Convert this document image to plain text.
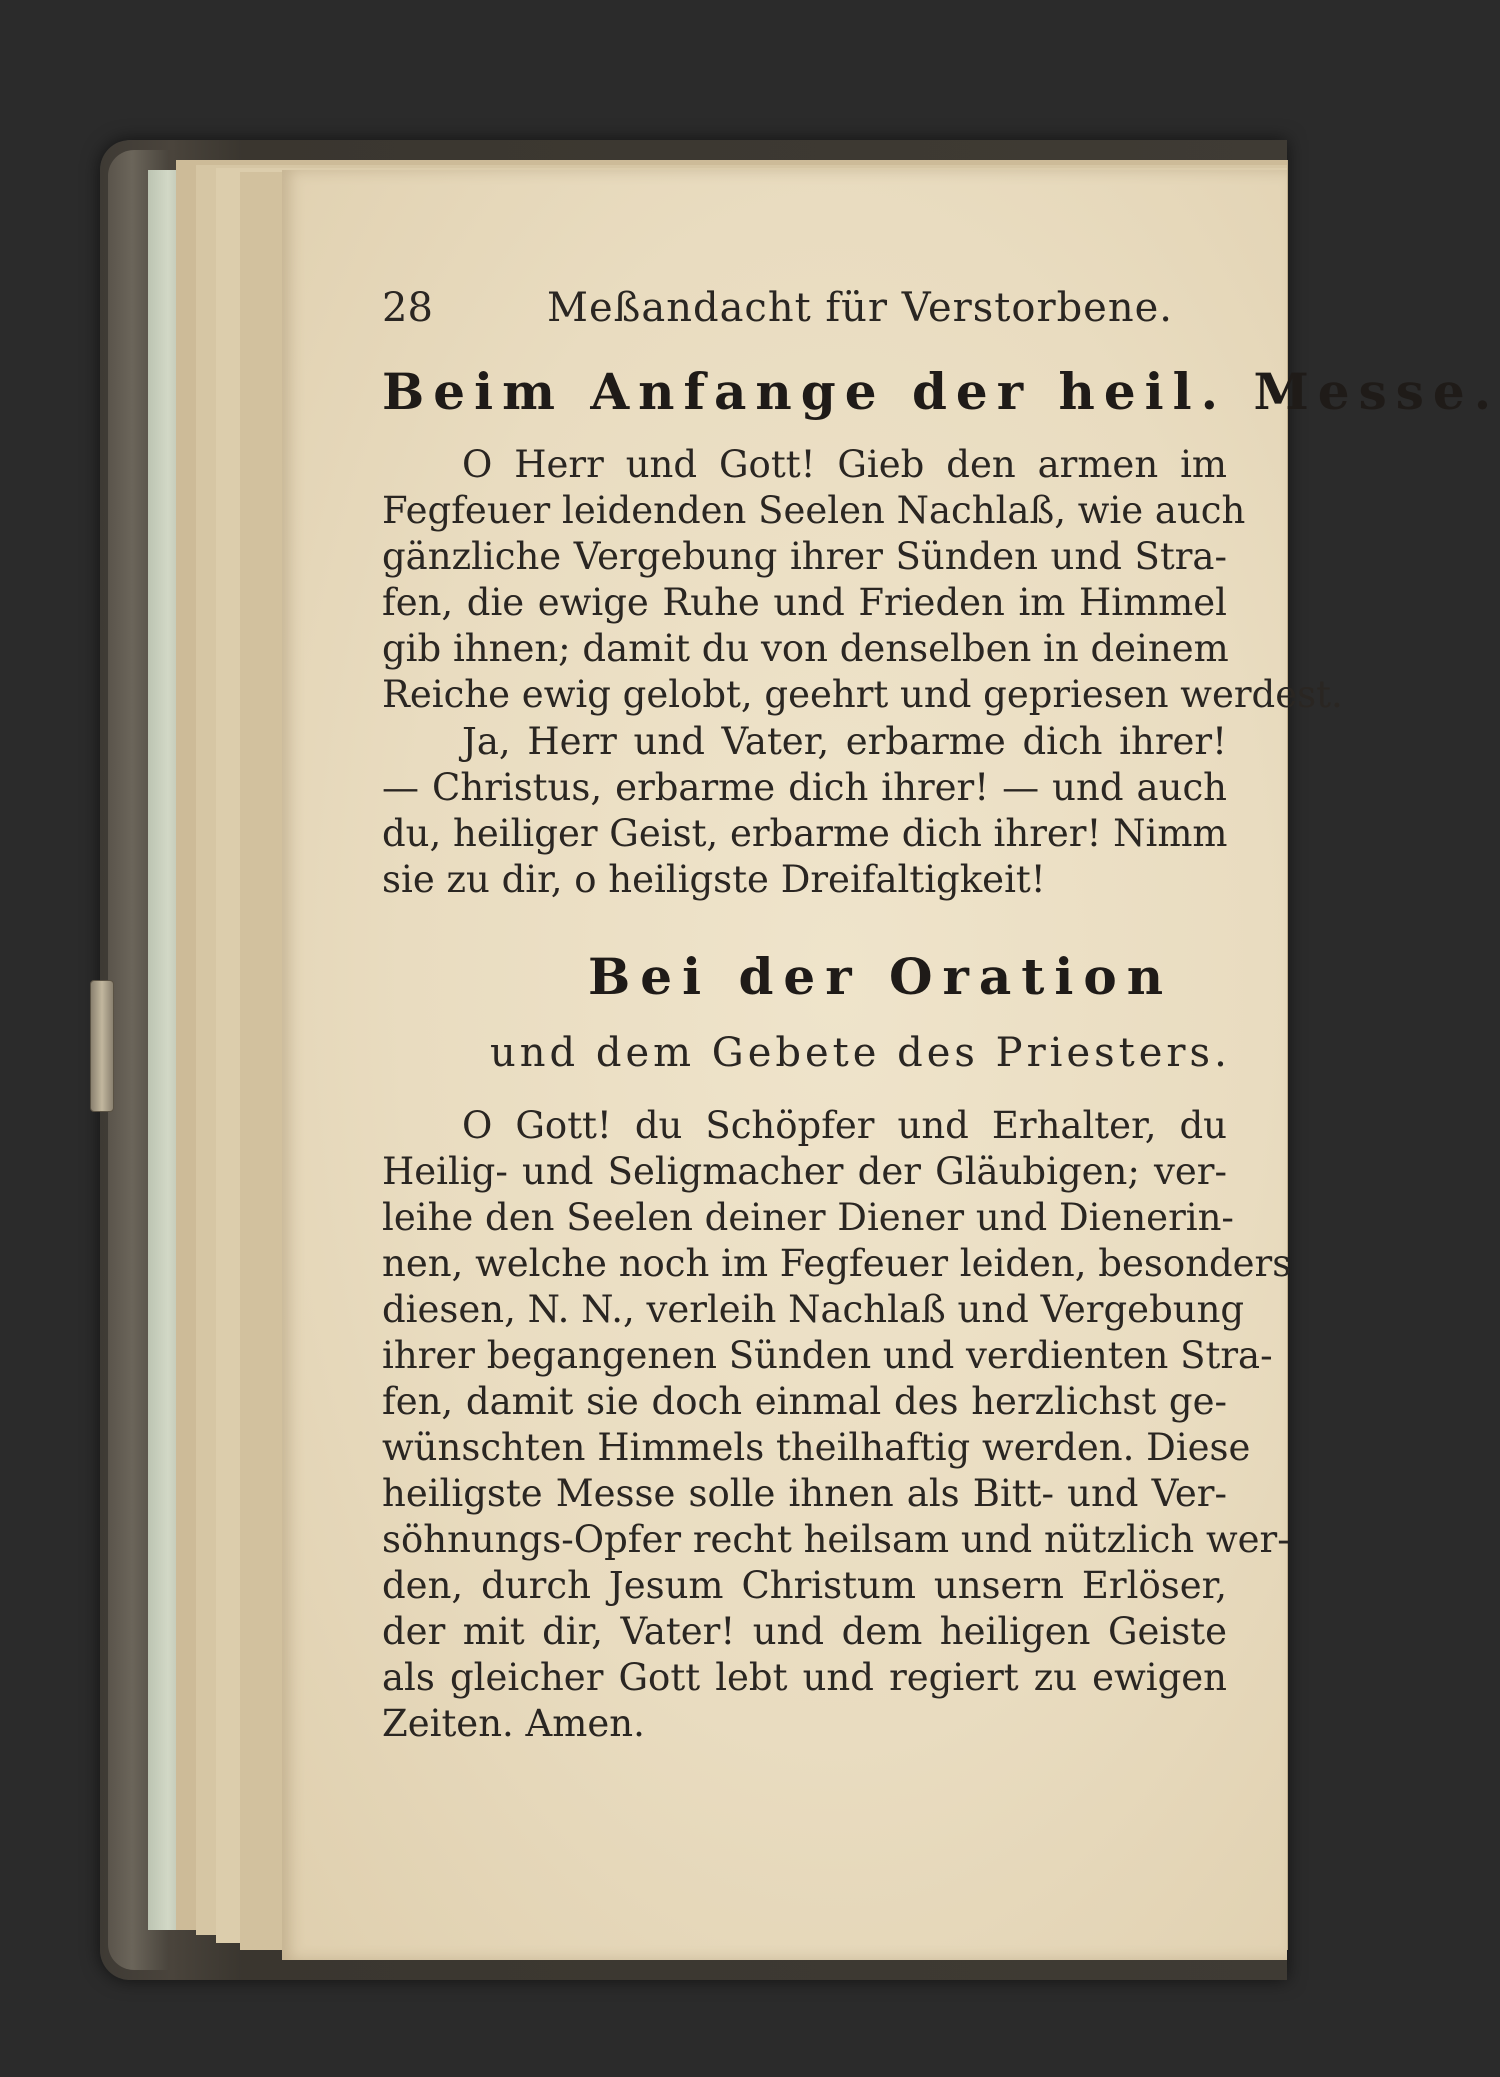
28	Meßandacht für Verstorbene.
Beim Anfange der heil. Messe.
O Herr und Gott! Gieb den armen im
Fegfeuer leidenden Seelen Nachlaß, wie auch
gänzliche Vergebung ihrer Sünden und Stra-
fen, die ewige Ruhe und Frieden im Himmel
gib ihnen; damit du von denselben in deinem
Reiche ewig gelobt, geehrt und gepriesen werdest.
Ja, Herr und Vater, erbarme dich ihrer!
— Christus, erbarme dich ihrer! — und auch
du, heiliger Geist, erbarme dich ihrer! Nimm
sie zu dir, o heiligste Dreifaltigkeit!
Bei der Oration
und dem Gebete des Priesters.
O Gott! du Schöpfer und Erhalter, du
Heilig- und Seligmacher der Gläubigen; ver-
leihe den Seelen deiner Diener und Dienerin-
nen, welche noch im Fegfeuer leiden, besonders
diesen, N. N., verleih Nachlaß und Vergebung
ihrer begangenen Sünden und verdienten Stra-
fen, damit sie doch einmal des herzlichst ge-
wünschten Himmels theilhaftig werden. Diese
heiligste Messe solle ihnen als Bitt- und Ver-
söhnungs-Opfer recht heilsam und nützlich wer-
den, durch Jesum Christum unsern Erlöser,
der mit dir, Vater! und dem heiligen Geiste
als gleicher Gott lebt und regiert zu ewigen
Zeiten. Amen.
